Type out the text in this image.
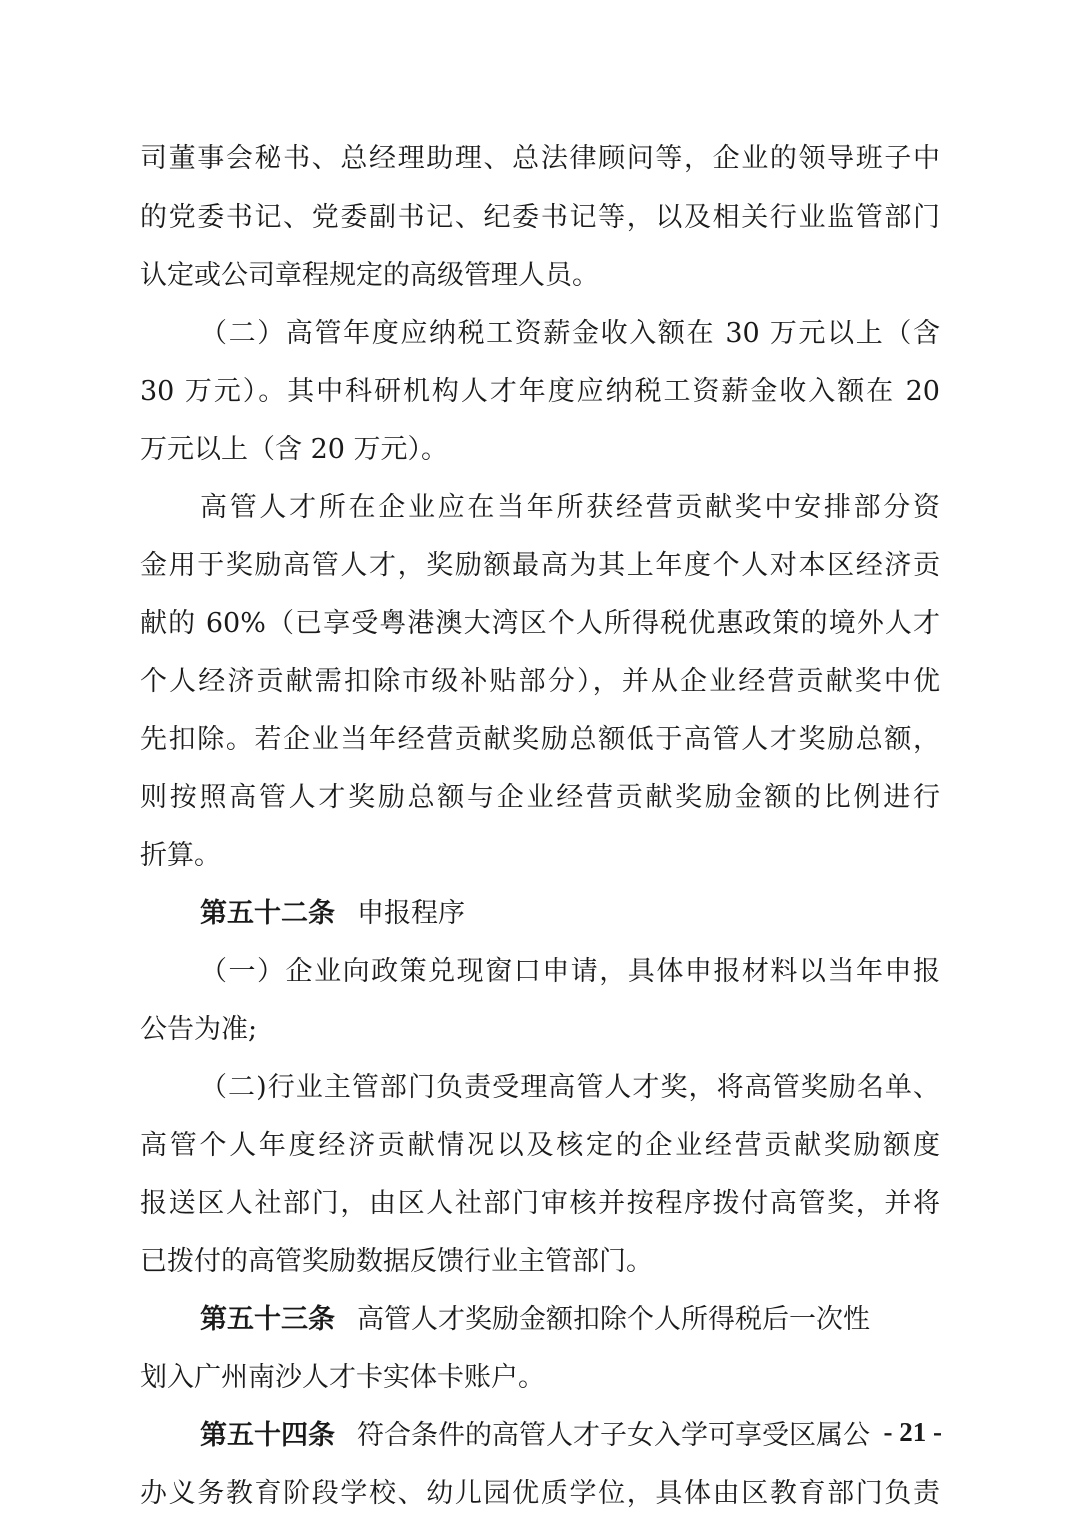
司董事会秘书、总经理助理、总法律顾问等，企业的领导班子中
的党委书记、党委副书记、纪委书记等，以及相关行业监管部门
认定或公司章程规定的高级管理人员。
（二）高管年度应纳税工资薪金收入额在 30 万元以上（含
30 万元）。其中科研机构人才年度应纳税工资薪金收入额在 20
万元以上（含 20 万元）。
高管人才所在企业应在当年所获经营贡献奖中安排部分资
金用于奖励高管人才，奖励额最高为其上年度个人对本区经济贡
献的 60%（已享受粤港澳大湾区个人所得税优惠政策的境外人才
个人经济贡献需扣除市级补贴部分），并从企业经营贡献奖中优
先扣除。若企业当年经营贡献奖励总额低于高管人才奖励总额，
则按照高管人才奖励总额与企业经营贡献奖励金额的比例进行
折算。
第五十二条 申报程序
（一）企业向政策兑现窗口申请，具体申报材料以当年申报
公告为准;
（二)行业主管部门负责受理高管人才奖，将高管奖励名单、
高管个人年度经济贡献情况以及核定的企业经营贡献奖励额度
报送区人社部门，由区人社部门审核并按程序拨付高管奖，并将
已拨付的高管奖励数据反馈行业主管部门。
第五十三条 高管人才奖励金额扣除个人所得税后一次性
划入广州南沙人才卡实体卡账户。
第五十四条 符合条件的高管人才子女入学可享受区属公
办义务教育阶段学校、幼儿园优质学位，具体由区教育部门负责
- 21 -
